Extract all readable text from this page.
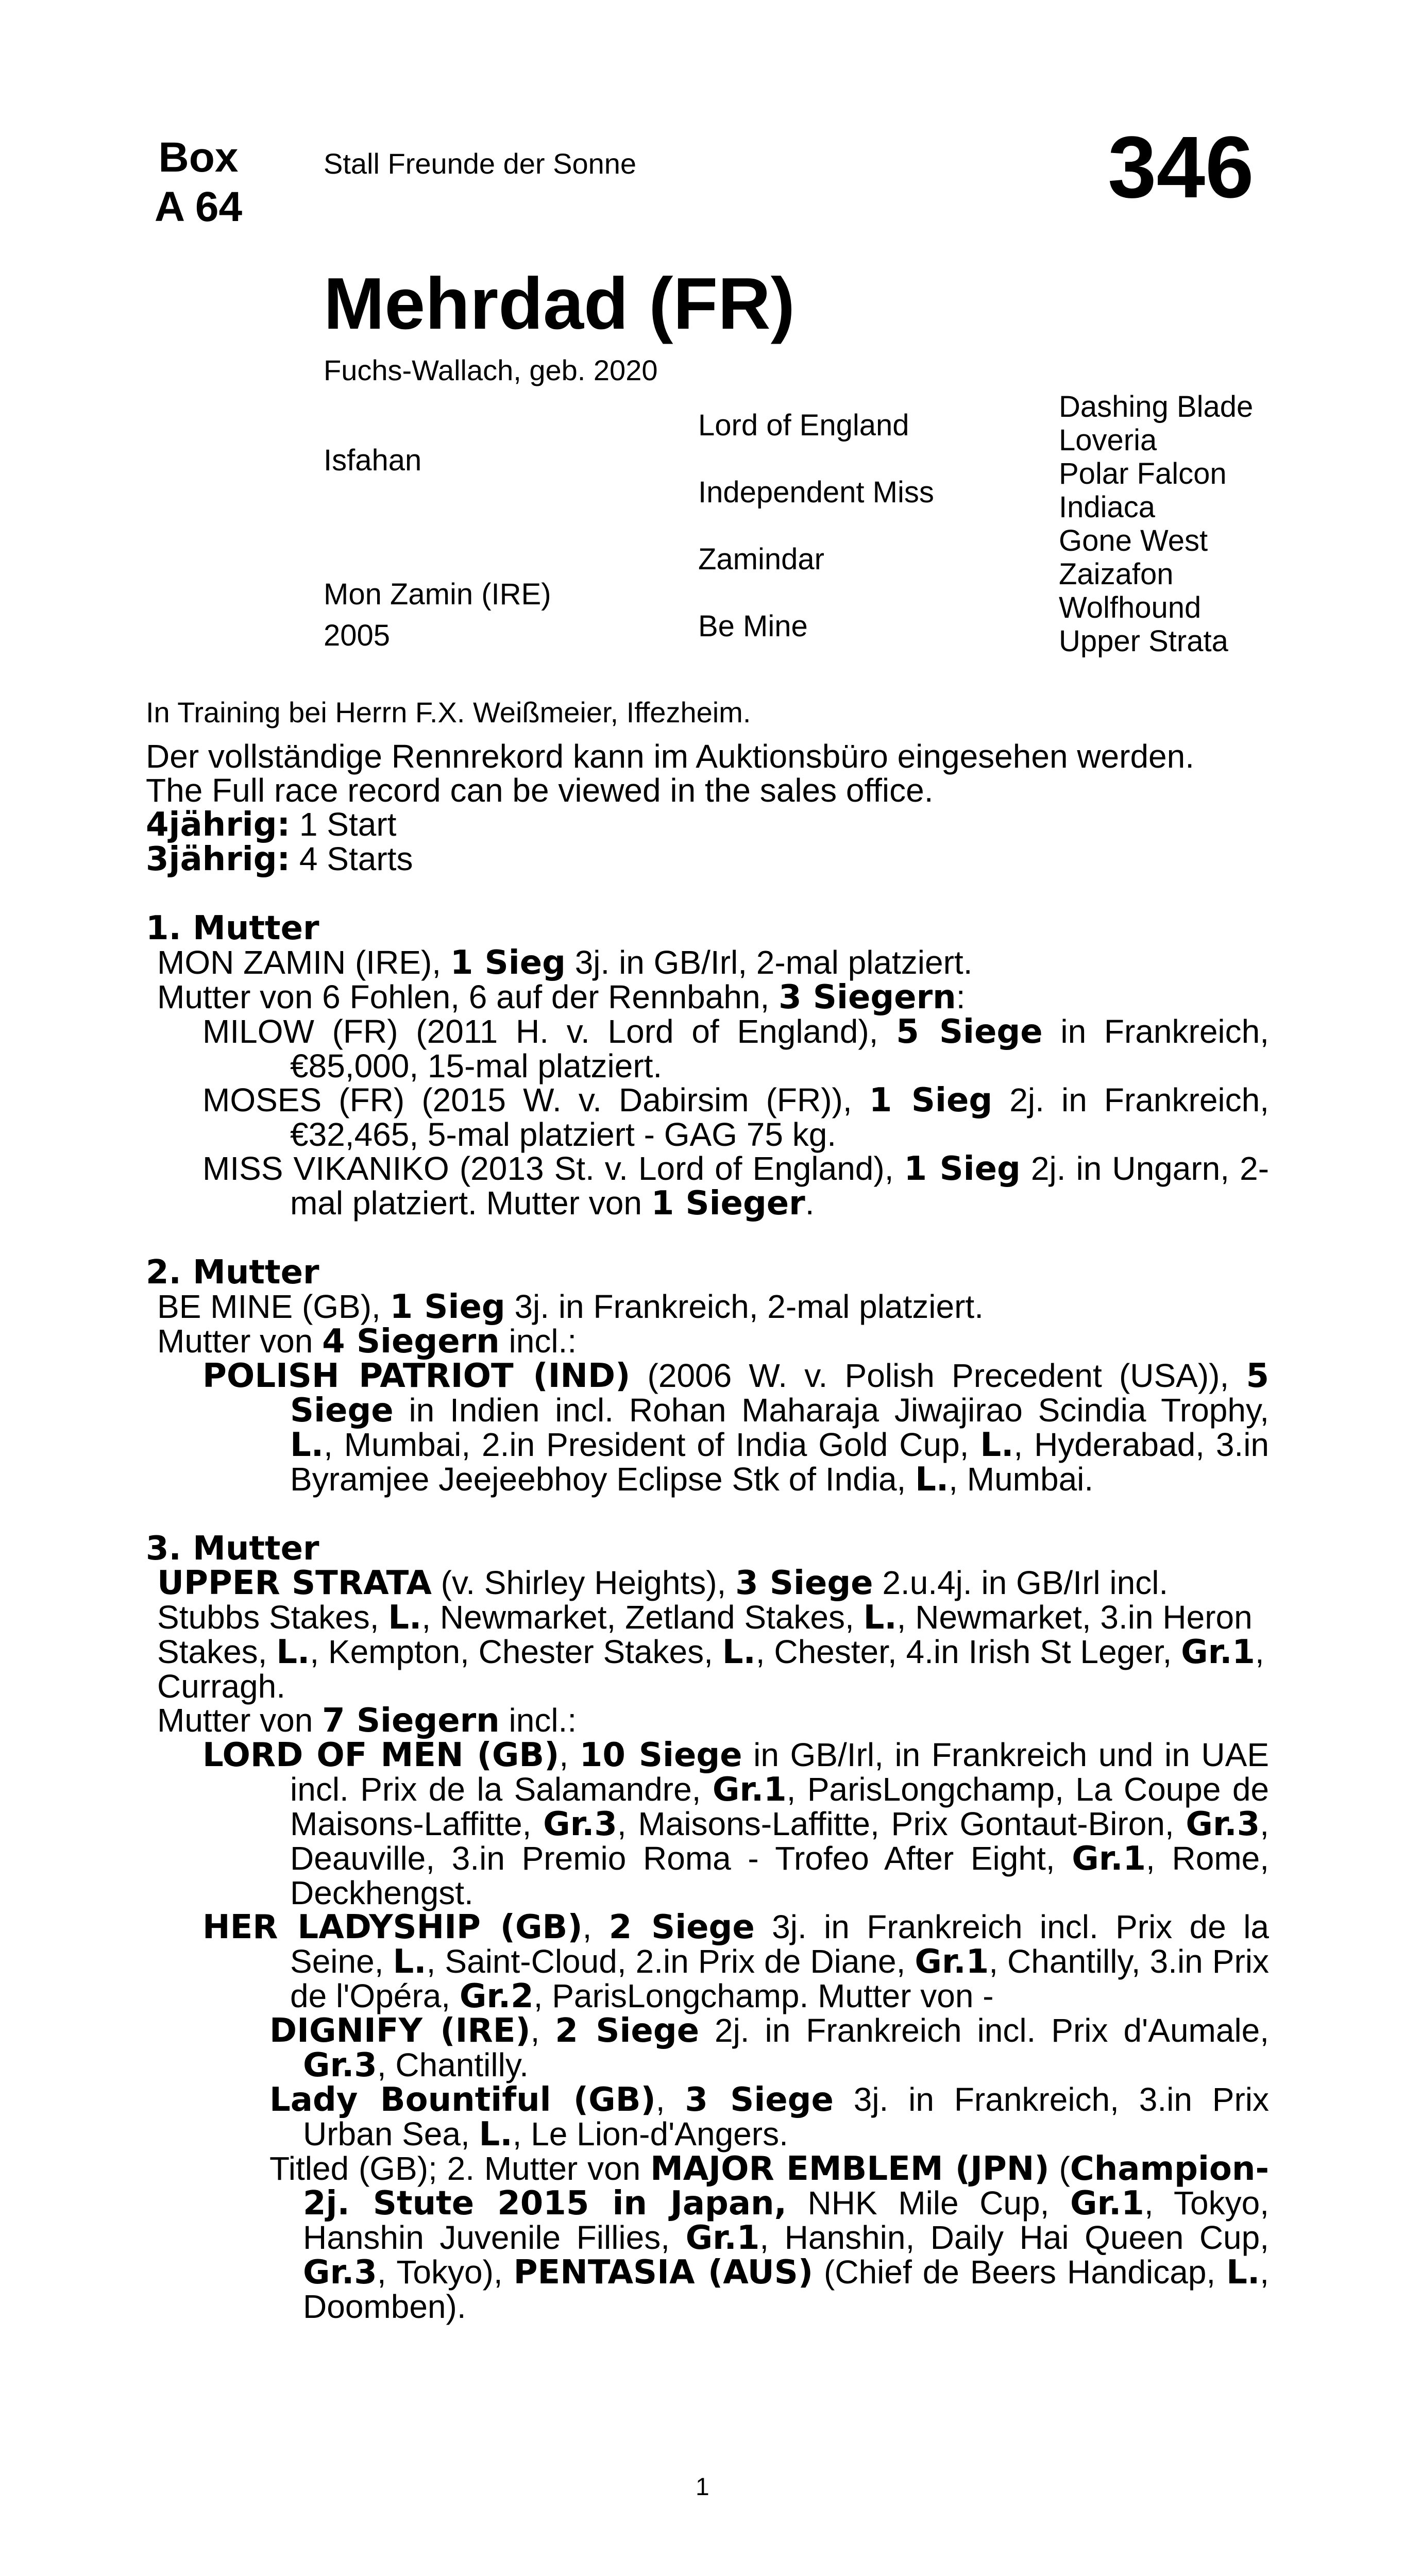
Box
A 64
Stall Freunde der Sonne	346
Mehrdad (FR)
Fuchs-Wallach, geb. 2020
Isfahan
Mon Zamin (IRE)
2005
Lord of England
Independent Miss
Zamindar
Be Mine
Dashing Blade
Loveria
Polar Falcon
Indiaca
Gone West
Zaizafon
Wolfhound
Upper Strata
In Training bei Herrn F.X. Weißmeier, Iffezheim.

Der vollständige Rennrekord kann im Auktionsbüro eingesehen werden.

The Full race record can be viewed in the sales office.

4jährig: 1 Start

3jährig: 4 Starts

1. Mutter

MON ZAMIN (IRE), 1 Sieg 3j. in GB/Irl, 2-mal platziert.

Mutter von 6 Fohlen, 6 auf der Rennbahn, 3 Siegern:

MILOW (FR) (2011 H. v. Lord of England), 5 Siege in Frankreich, €85,000, 15-mal platziert.

MOSES (FR) (2015 W. v. Dabirsim (FR)), 1 Sieg 2j. in Frankreich, €32,465, 5-mal platziert - GAG 75 kg.

MISS VIKANIKO (2013 St. v. Lord of England), 1 Sieg 2j. in Ungarn, 2-mal platziert. Mutter von 1 Sieger.

2. Mutter

BE MINE (GB), 1 Sieg 3j. in Frankreich, 2-mal platziert.

Mutter von 4 Siegern incl.:

POLISH PATRIOT (IND) (2006 W. v. Polish Precedent (USA)), 5 Siege in Indien incl. Rohan Maharaja Jiwajirao Scindia Trophy, L., Mumbai, 2.in President of India Gold Cup, L., Hyderabad, 3.in Byramjee Jeejeebhoy Eclipse Stk of India, L., Mumbai.

3. Mutter

UPPER STRATA (v. Shirley Heights), 3 Siege 2.u.4j. in GB/Irl incl. Stubbs Stakes, L., Newmarket, Zetland Stakes, L., Newmarket, 3.in Heron Stakes, L., Kempton, Chester Stakes, L., Chester, 4.in Irish St Leger, Gr.1, Curragh.

Mutter von 7 Siegern incl.:

LORD OF MEN (GB), 10 Siege in GB/Irl, in Frankreich und in UAE incl. Prix de la Salamandre, Gr.1, ParisLongchamp, La Coupe de Maisons-Laffitte, Gr.3, Maisons-Laffitte, Prix Gontaut-Biron, Gr.3, Deauville, 3.in Premio Roma - Trofeo After Eight, Gr.1, Rome, Deckhengst.

HER LADYSHIP (GB), 2 Siege 3j. in Frankreich incl. Prix de la Seine, L., Saint-Cloud, 2.in Prix de Diane, Gr.1, Chantilly, 3.in Prix de l'Opéra, Gr.2, ParisLongchamp. Mutter von -

DIGNIFY (IRE), 2 Siege 2j. in Frankreich incl. Prix d'Aumale, Gr.3, Chantilly.

Lady Bountiful (GB), 3 Siege 3j. in Frankreich, 3.in Prix Urban Sea, L., Le Lion-d'Angers.

Titled (GB); 2. Mutter von MAJOR EMBLEM (JPN) (Champion-2j. Stute 2015 in Japan, NHK Mile Cup, Gr.1, Tokyo, Hanshin Juvenile Fillies, Gr.1, Hanshin, Daily Hai Queen Cup, Gr.3, Tokyo), PENTASIA (AUS) (Chief de Beers Handicap, L., Doomben).

1
